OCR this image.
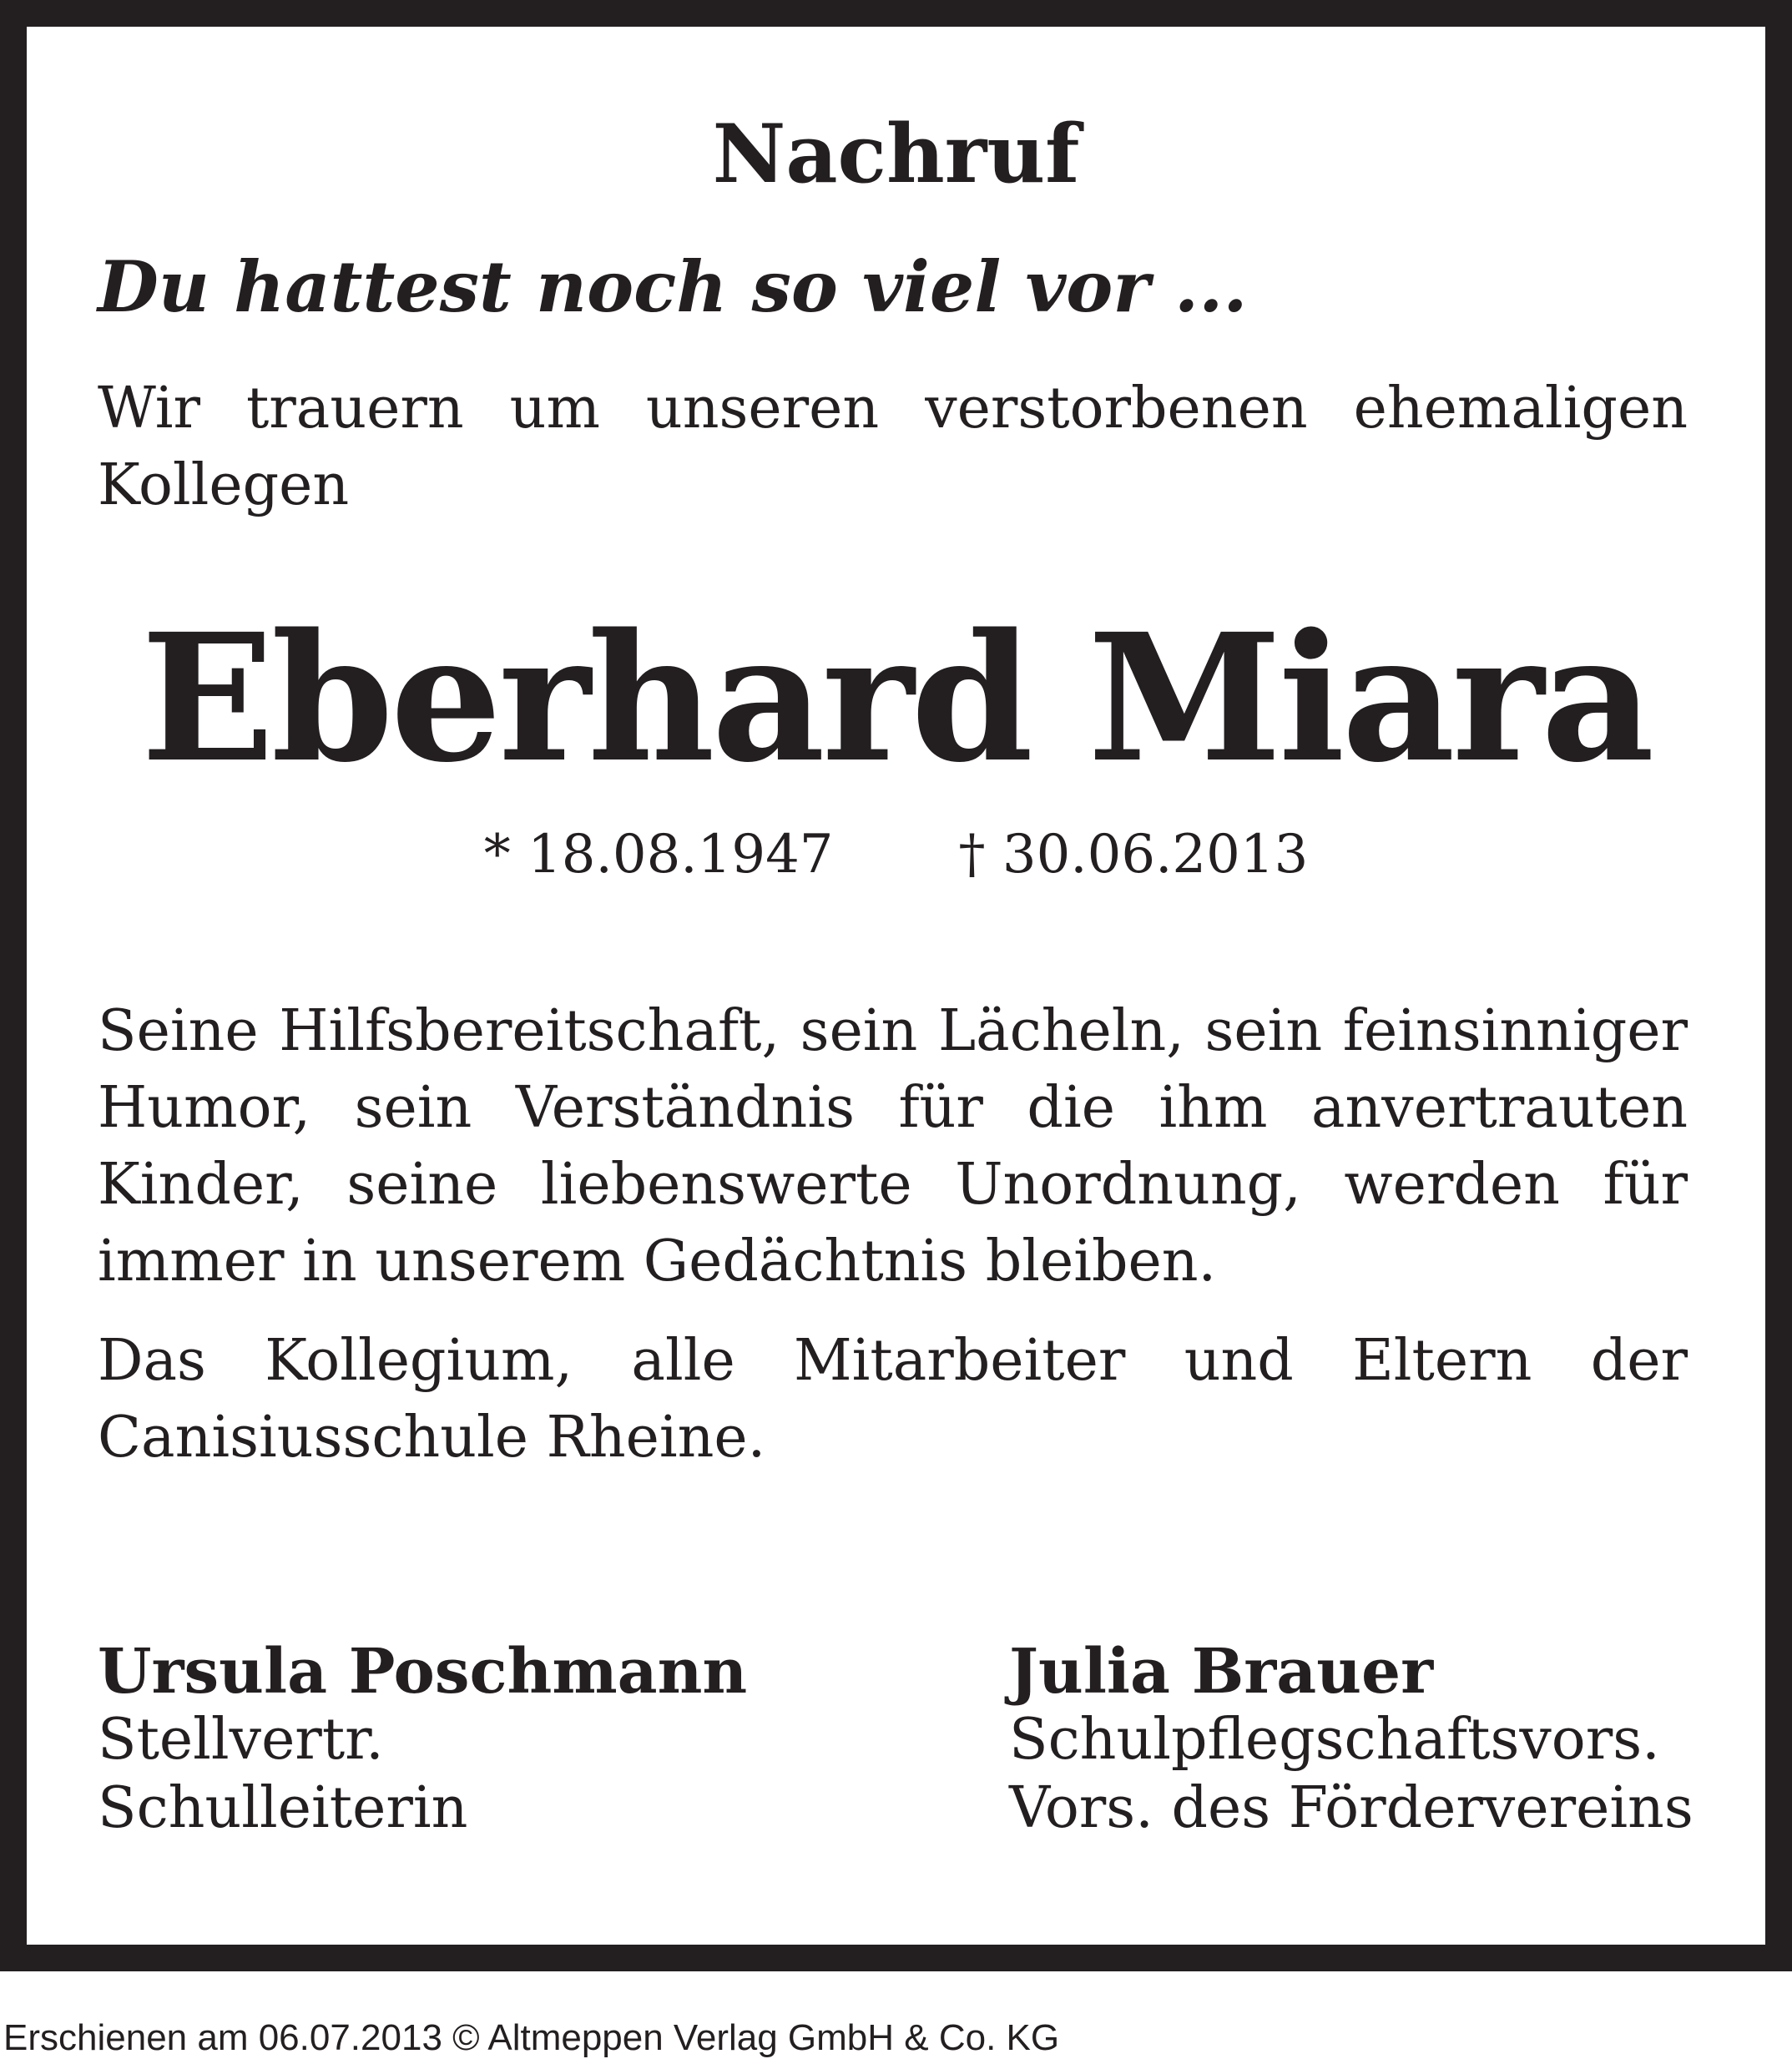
Nachruf
Du hattest noch so viel vor ...
Wir trauern um unseren verstorbenen ehemaligen Kollegen
Eberhard Miara
* 18.08.1947 † 30.06.2013
Seine Hilfsbereitschaft, sein Lächeln, sein feinsinniger Humor, sein Verständnis für die ihm anvertrauten Kinder, seine liebenswerte Unordnung, werden für immer in unserem Gedächtnis bleiben.
Das Kollegium, alle Mitarbeiter und Eltern der Canisiusschule Rheine.
Ursula Poschmann
Stellvertr.
Schulleiterin
Julia Brauer
Schulpflegschaftsvors.
Vors. des Fördervereins
Erschienen am 06.07.2013 © Altmeppen Verlag GmbH & Co. KG
